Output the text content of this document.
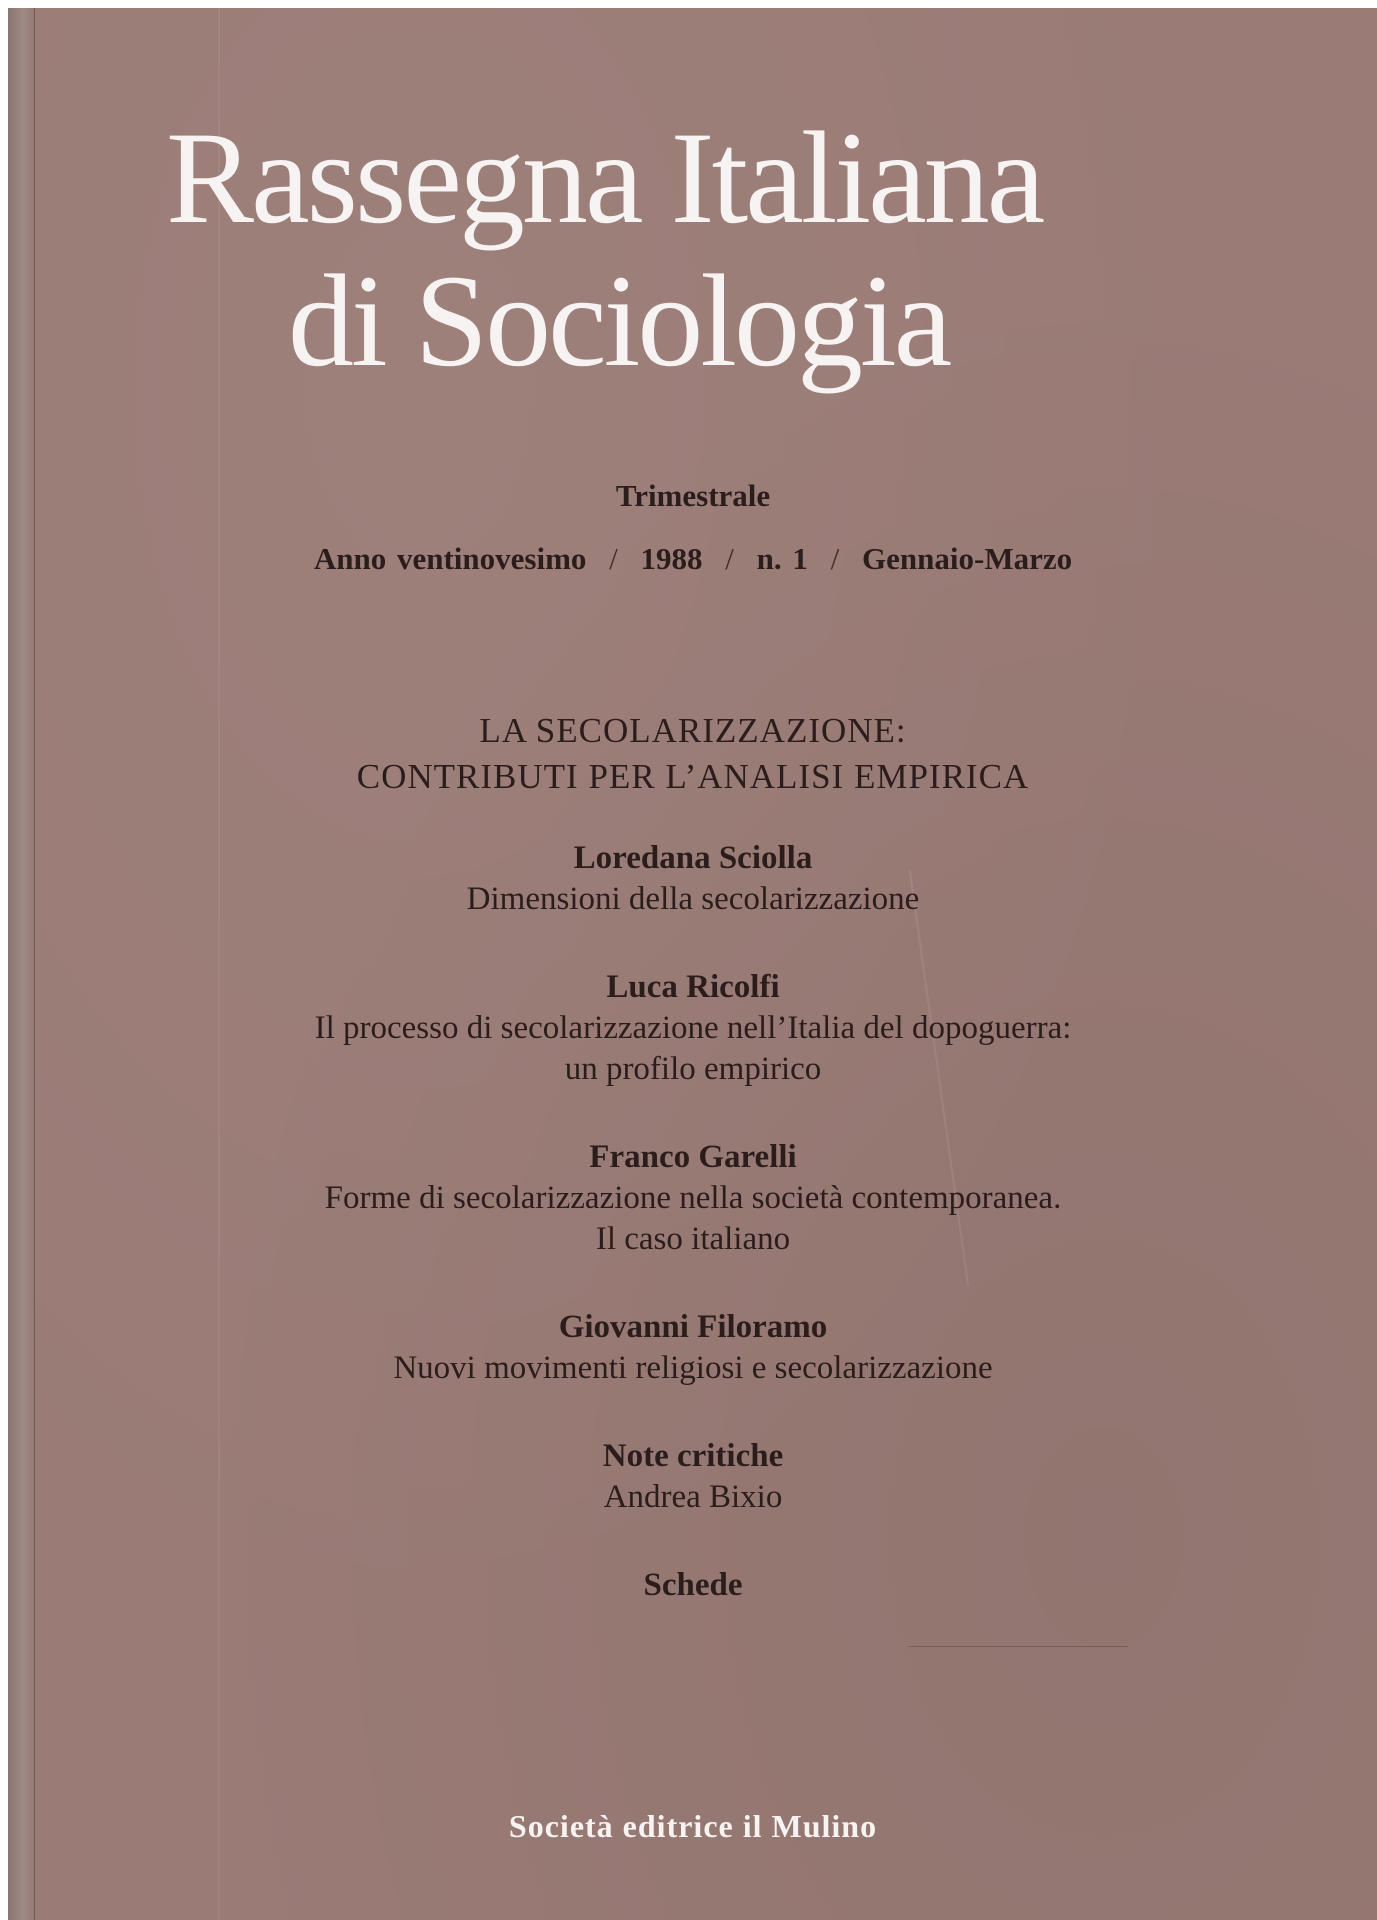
Rassegna Italiana
di Sociologia
Trimestrale
Anno ventinovesimo / 1988 / n. 1 / Gennaio-Marzo
LA SECOLARIZZAZIONE:
CONTRIBUTI PER L’ANALISI EMPIRICA
Loredana Sciolla
Dimensioni della secolarizzazione
Luca Ricolfi
Il processo di secolarizzazione nell’Italia del dopoguerra:
un profilo empirico
Franco Garelli
Forme di secolarizzazione nella società contemporanea.
Il caso italiano
Giovanni Filoramo
Nuovi movimenti religiosi e secolarizzazione
Note critiche
Andrea Bixio
Schede
Società editrice il Mulino
